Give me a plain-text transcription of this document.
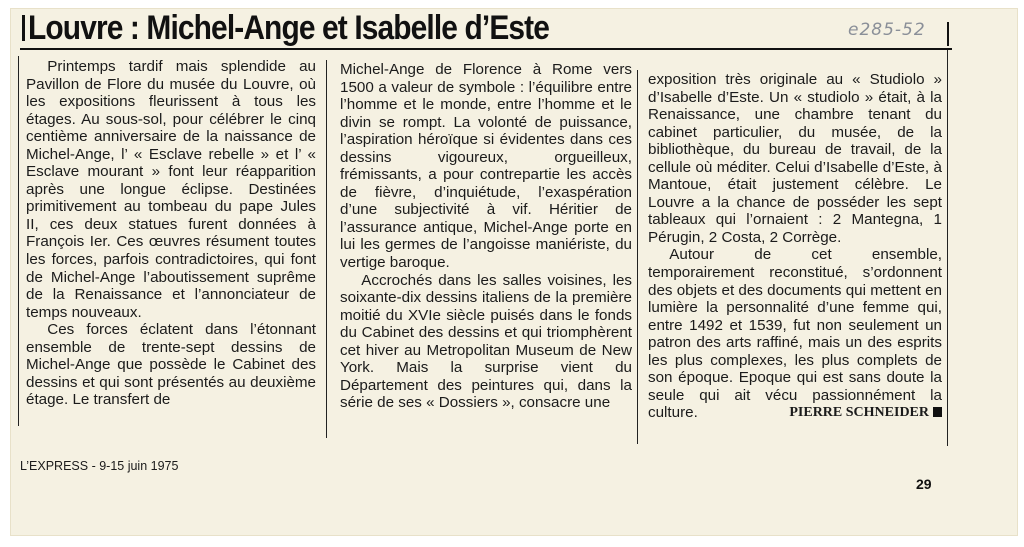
Louvre : Michel-Ange et Isabelle d’Este	e285-52

Printemps tardif mais splendide au Pavillon de Flore du musée du Louvre, où les expositions fleurissent à tous les étages. Au sous-sol, pour célébrer le cinq centième anniversaire de la naissance de Michel-Ange, l’ « Esclave rebelle » et l’ « Esclave mourant » font leur réapparition après une longue éclipse. Destinées primitivement au tombeau du pape Jules II, ces deux statues furent données à François Ier. Ces œuvres résument toutes les forces, parfois contradictoires, qui font de Michel-Ange l’aboutissement suprême de la Renaissance et l’annonciateur de temps nouveaux.

Ces forces éclatent dans l’étonnant ensemble de trente-sept dessins de Michel-Ange que possède le Cabinet des dessins et qui sont présentés au deuxième étage. Le transfert de

Michel-Ange de Florence à Rome vers 1500 a valeur de symbole : l’équilibre entre l’homme et le monde, entre l’homme et le divin se rompt. La volonté de puissance, l’aspiration héroïque si évidentes dans ces dessins vigoureux, orgueilleux, frémissants, a pour contrepartie les accès de fièvre, d’inquiétude, l’exaspération d’une subjectivité à vif. Héritier de l’assurance antique, Michel-Ange porte en lui les germes de l’angoisse maniériste, du vertige baroque.

Accrochés dans les salles voisines, les soixante-dix dessins italiens de la première moitié du XVIe siècle puisés dans le fonds du Cabinet des dessins et qui triomphèrent cet hiver au Metropolitan Museum de New York. Mais la surprise vient du Département des peintures qui, dans la série de ses « Dossiers », consacre une

exposition très originale au « Studiolo » d’Isabelle d’Este. Un « studiolo » était, à la Renaissance, une chambre tenant du cabinet particulier, du musée, de la bibliothèque, du bureau de travail, de la cellule où méditer. Celui d’Isabelle d’Este, à Mantoue, était justement célèbre. Le Louvre a la chance de posséder les sept tableaux qui l’ornaient : 2 Mantegna, 1 Pérugin, 2 Costa, 2 Corrège.

Autour de cet ensemble, temporairement reconstitué, s’ordonnent des objets et des documents qui mettent en lumière la personnalité d’une femme qui, entre 1492 et 1539, fut non seulement un patron des arts raffiné, mais un des esprits les plus complexes, les plus complets de son époque. Epoque qui est sans doute la seule qui ait vécu passionnément la culture.	PIERRE SCHNEIDER

L’EXPRESS - 9-15 juin 1975
29
